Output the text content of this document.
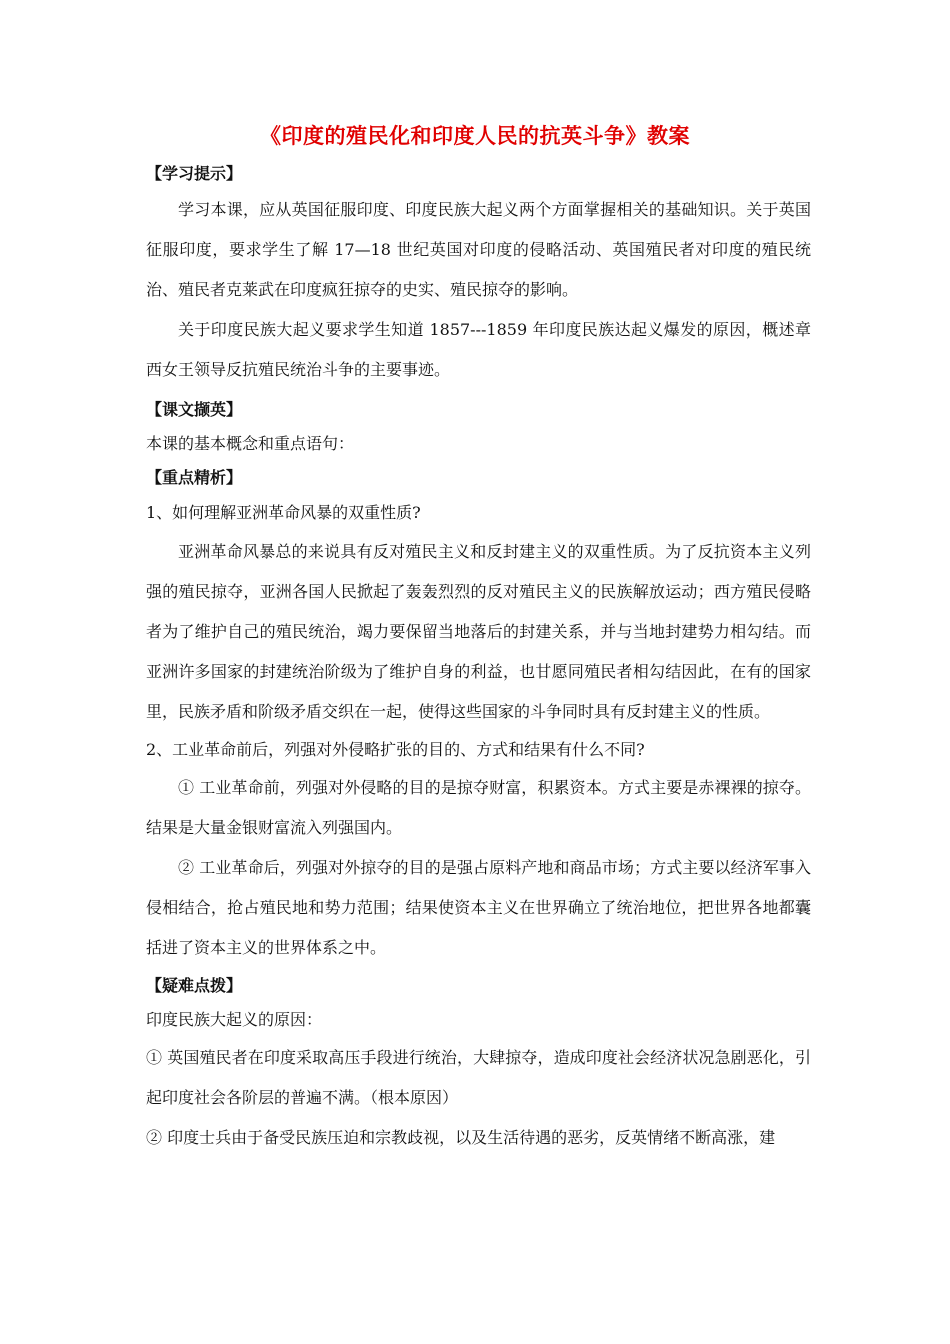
《印度的殖民化和印度人民的抗英斗争》教案
【学习提示】
学习本课，应从英国征服印度、印度民族大起义两个方面掌握相关的基础知识。关于英国征服印度，要求学生了解 17—18 世纪英国对印度的侵略活动、英国殖民者对印度的殖民统治、殖民者克莱武在印度疯狂掠夺的史实、殖民掠夺的影响。
关于印度民族大起义要求学生知道 1857---1859 年印度民族达起义爆发的原因，概述章西女王领导反抗殖民统治斗争的主要事迹。
【课文撷英】
本课的基本概念和重点语句：
【重点精析】
1、如何理解亚洲革命风暴的双重性质?
亚洲革命风暴总的来说具有反对殖民主义和反封建主义的双重性质。为了反抗资本主义列强的殖民掠夺，亚洲各国人民掀起了轰轰烈烈的反对殖民主义的民族解放运动；西方殖民侵略者为了维护自己的殖民统治，竭力要保留当地落后的封建关系，并与当地封建势力相勾结。而亚洲许多国家的封建统治阶级为了维护自身的利益，也甘愿同殖民者相勾结因此，在有的国家里，民族矛盾和阶级矛盾交织在一起，使得这些国家的斗争同时具有反封建主义的性质。
2、工业革命前后，列强对外侵略扩张的目的、方式和结果有什么不同?
① 工业革命前，列强对外侵略的目的是掠夺财富，积累资本。方式主要是赤裸裸的掠夺。结果是大量金银财富流入列强国内。
② 工业革命后，列强对外掠夺的目的是强占原料产地和商品市场；方式主要以经济军事入侵相结合，抢占殖民地和势力范围；结果使资本主义在世界确立了统治地位，把世界各地都囊括进了资本主义的世界体系之中。
【疑难点拨】
印度民族大起义的原因：
① 英国殖民者在印度采取高压手段进行统治，大肆掠夺，造成印度社会经济状况急剧恶化，引起印度社会各阶层的普遍不满。（根本原因）
② 印度士兵由于备受民族压迫和宗教歧视，以及生活待遇的恶劣，反英情绪不断高涨，建
